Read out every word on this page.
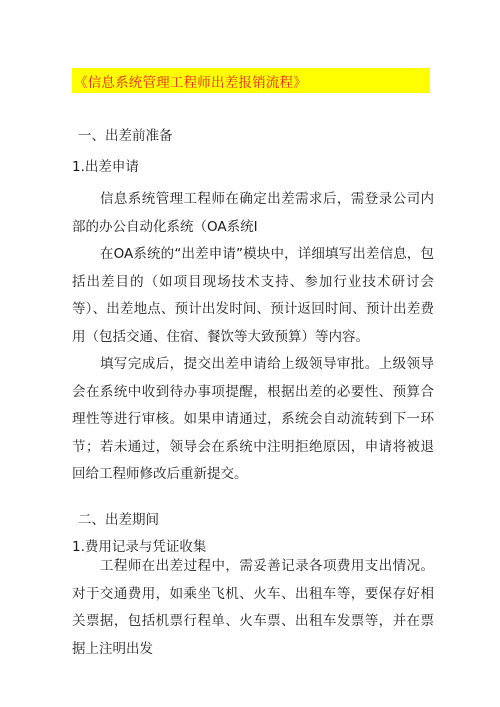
《信息系统管理工程师出差报销流程》
一、出差前准备
1.出差申请

信息系统管理工程师在确定出差需求后，需登录公司内部的办公自动化系统（OA系统I

在OA系统的“出差申请”模块中，详细填写出差信息，包括出差目的（如项目现场技术支持、参加行业技术研讨会等）、出差地点、预计出发时间、预计返回时间、预计出差费用（包括交通、住宿、餐饮等大致预算）等内容。

填写完成后，提交出差申请给上级领导审批。上级领导会在系统中收到待办事项提醒，根据出差的必要性、预算合理性等进行审核。如果申请通过，系统会自动流转到下一环节；若未通过，领导会在系统中注明拒绝原因，申请将被退回给工程师修改后重新提交。

二、出差期间
1.费用记录与凭证收集

工程师在出差过程中，需妥善记录各项费用支出情况。对于交通费用，如乘坐飞机、火车、出租车等，要保存好相关票据，包括机票行程单、火车票、出租车发票等，并在票据上注明出发
